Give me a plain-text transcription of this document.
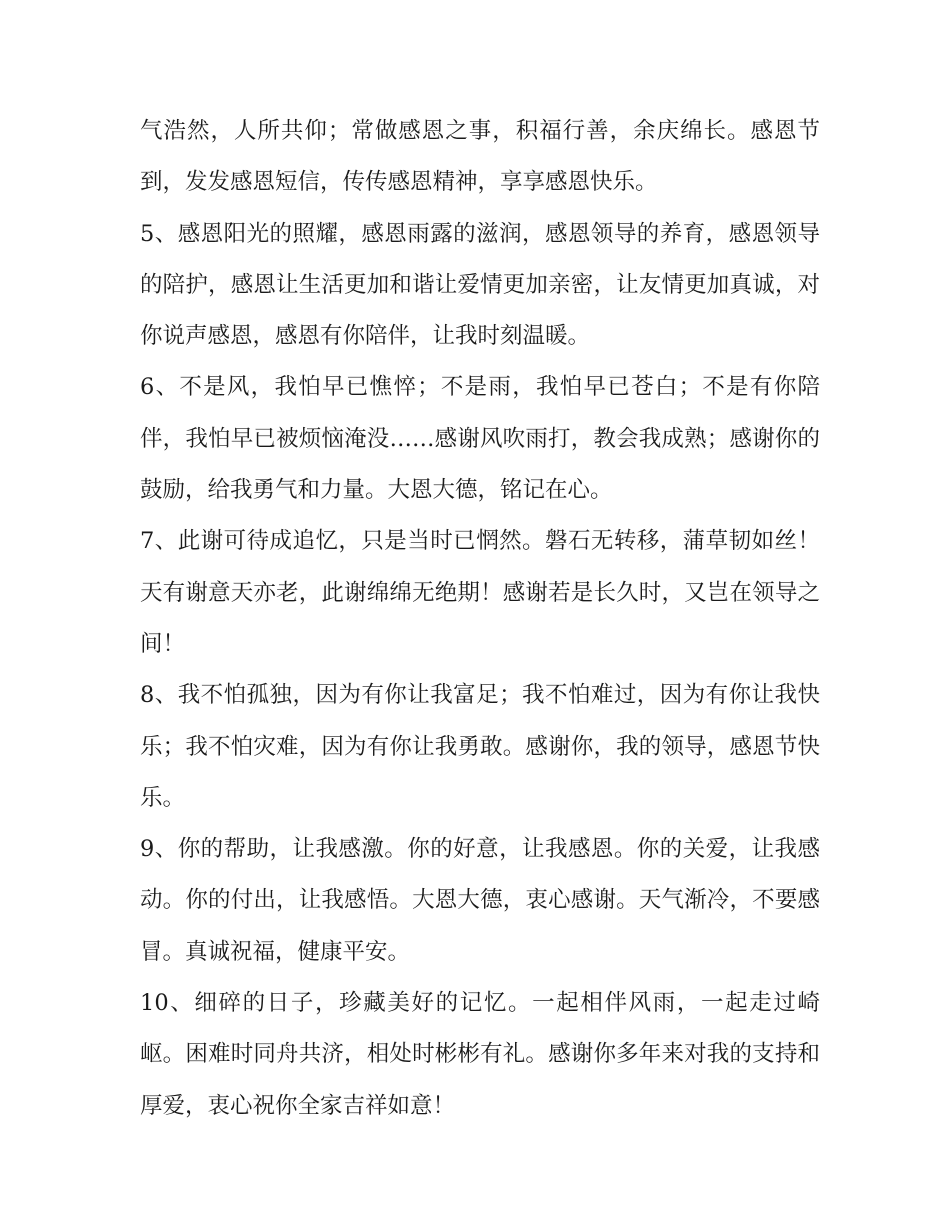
气浩然，人所共仰；常做感恩之事，积福行善，余庆绵长。感恩节到，发发感恩短信，传传感恩精神，享享感恩快乐。

5、感恩阳光的照耀，感恩雨露的滋润，感恩领导的养育，感恩领导的陪护，感恩让生活更加和谐让爱情更加亲密，让友情更加真诚，对你说声感恩，感恩有你陪伴，让我时刻温暖。

6、不是风，我怕早已憔悴；不是雨，我怕早已苍白；不是有你陪伴，我怕早已被烦恼淹没……感谢风吹雨打，教会我成熟；感谢你的鼓励，给我勇气和力量。大恩大德，铭记在心。

7、此谢可待成追忆，只是当时已惘然。磐石无转移，蒲草韧如丝！天有谢意天亦老，此谢绵绵无绝期！感谢若是长久时，又岂在领导之间！

8、我不怕孤独，因为有你让我富足；我不怕难过，因为有你让我快乐；我不怕灾难，因为有你让我勇敢。感谢你，我的领导，感恩节快乐。

9、你的帮助，让我感激。你的好意，让我感恩。你的关爱，让我感动。你的付出，让我感悟。大恩大德，衷心感谢。天气渐冷，不要感冒。真诚祝福，健康平安。

10、细碎的日子，珍藏美好的记忆。一起相伴风雨，一起走过崎岖。困难时同舟共济，相处时彬彬有礼。感谢你多年来对我的支持和厚爱，衷心祝你全家吉祥如意！
